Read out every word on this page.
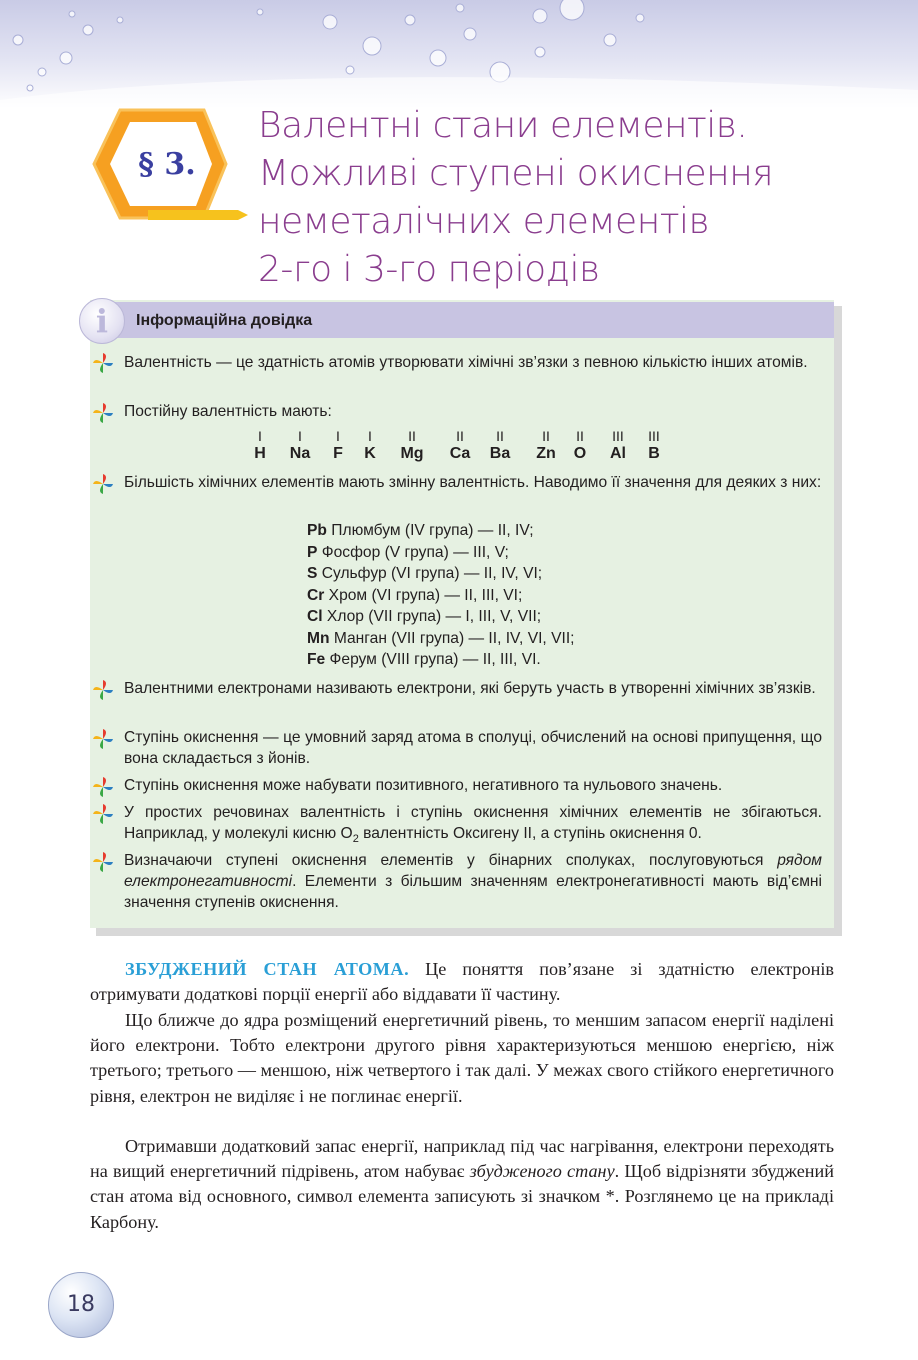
§ 3.
Валентні стани елементів.
Можливі ступені окиснення
неметалічних елементів
2-го і 3-го періодів
i	Інформаційна довідка
Валентність — це здатність атомів утворювати хімічні зв’язки з певною кількістю інших атомів.
Постійну валентність мають:
I
H
I
Na
I
F
I
K
II
Mg
II
Ca
II
Ba
II
Zn
II
O
III
Al
III
B
Більшість хімічних елементів мають змінну валентність. Наводимо її значення для деяких з них:
Pb Плюмбум (IV група) — II, IV;
P Фосфор (V група) — III, V;
S Сульфур (VI група) — II, IV, VI;
Cr Хром (VI група) — II, III, VI;
Cl Хлор (VII група) — I, III, V, VII;
Mn Манган (VII група) — II, IV, VI, VII;
Fe Ферум (VIII група) — II, III, VI.
Валентними електронами називають електрони, які беруть участь в утворенні хімічних зв’язків.
Ступінь окиснення — це умовний заряд атома в сполуці, обчислений на основі припущення, що вона складається з йонів.
Ступінь окиснення може набувати позитивного, негативного та нульового значень.
У простих речовинах валентність і ступінь окиснення хімічних елементів не збігаються. Наприклад, у молекулі кисню $O_2$ валентність Оксигену II, а ступінь окиснення 0.
Визначаючи ступені окиснення елементів у бінарних сполуках, послуговуються рядом електронегативності. Елементи з більшим значенням електронегативності мають від’ємні значення ступенів окиснення.
ЗБУДЖЕНИЙ СТАН АТОМА. Це поняття пов’язане зі здатністю електронів отримувати додаткові порції енергії або віддавати її частину.
Що ближче до ядра розміщений енергетичний рівень, то меншим запасом енергії наділені його електрони. Тобто електрони другого рівня характеризуються меншою енергією, ніж третього; третього — меншою, ніж четвертого і так далі. У межах свого стійкого енергетичного рівня, електрон не виділяє і не поглинає енергії.
Отримавши додатковий запас енергії, наприклад під час нагрівання, електрони переходять на вищий енергетичний підрівень, атом набуває збудженого стану. Щоб відрізняти збуджений стан атома від основного, символ елемента записують зі значком *. Розглянемо це на прикладі Карбону.
18
